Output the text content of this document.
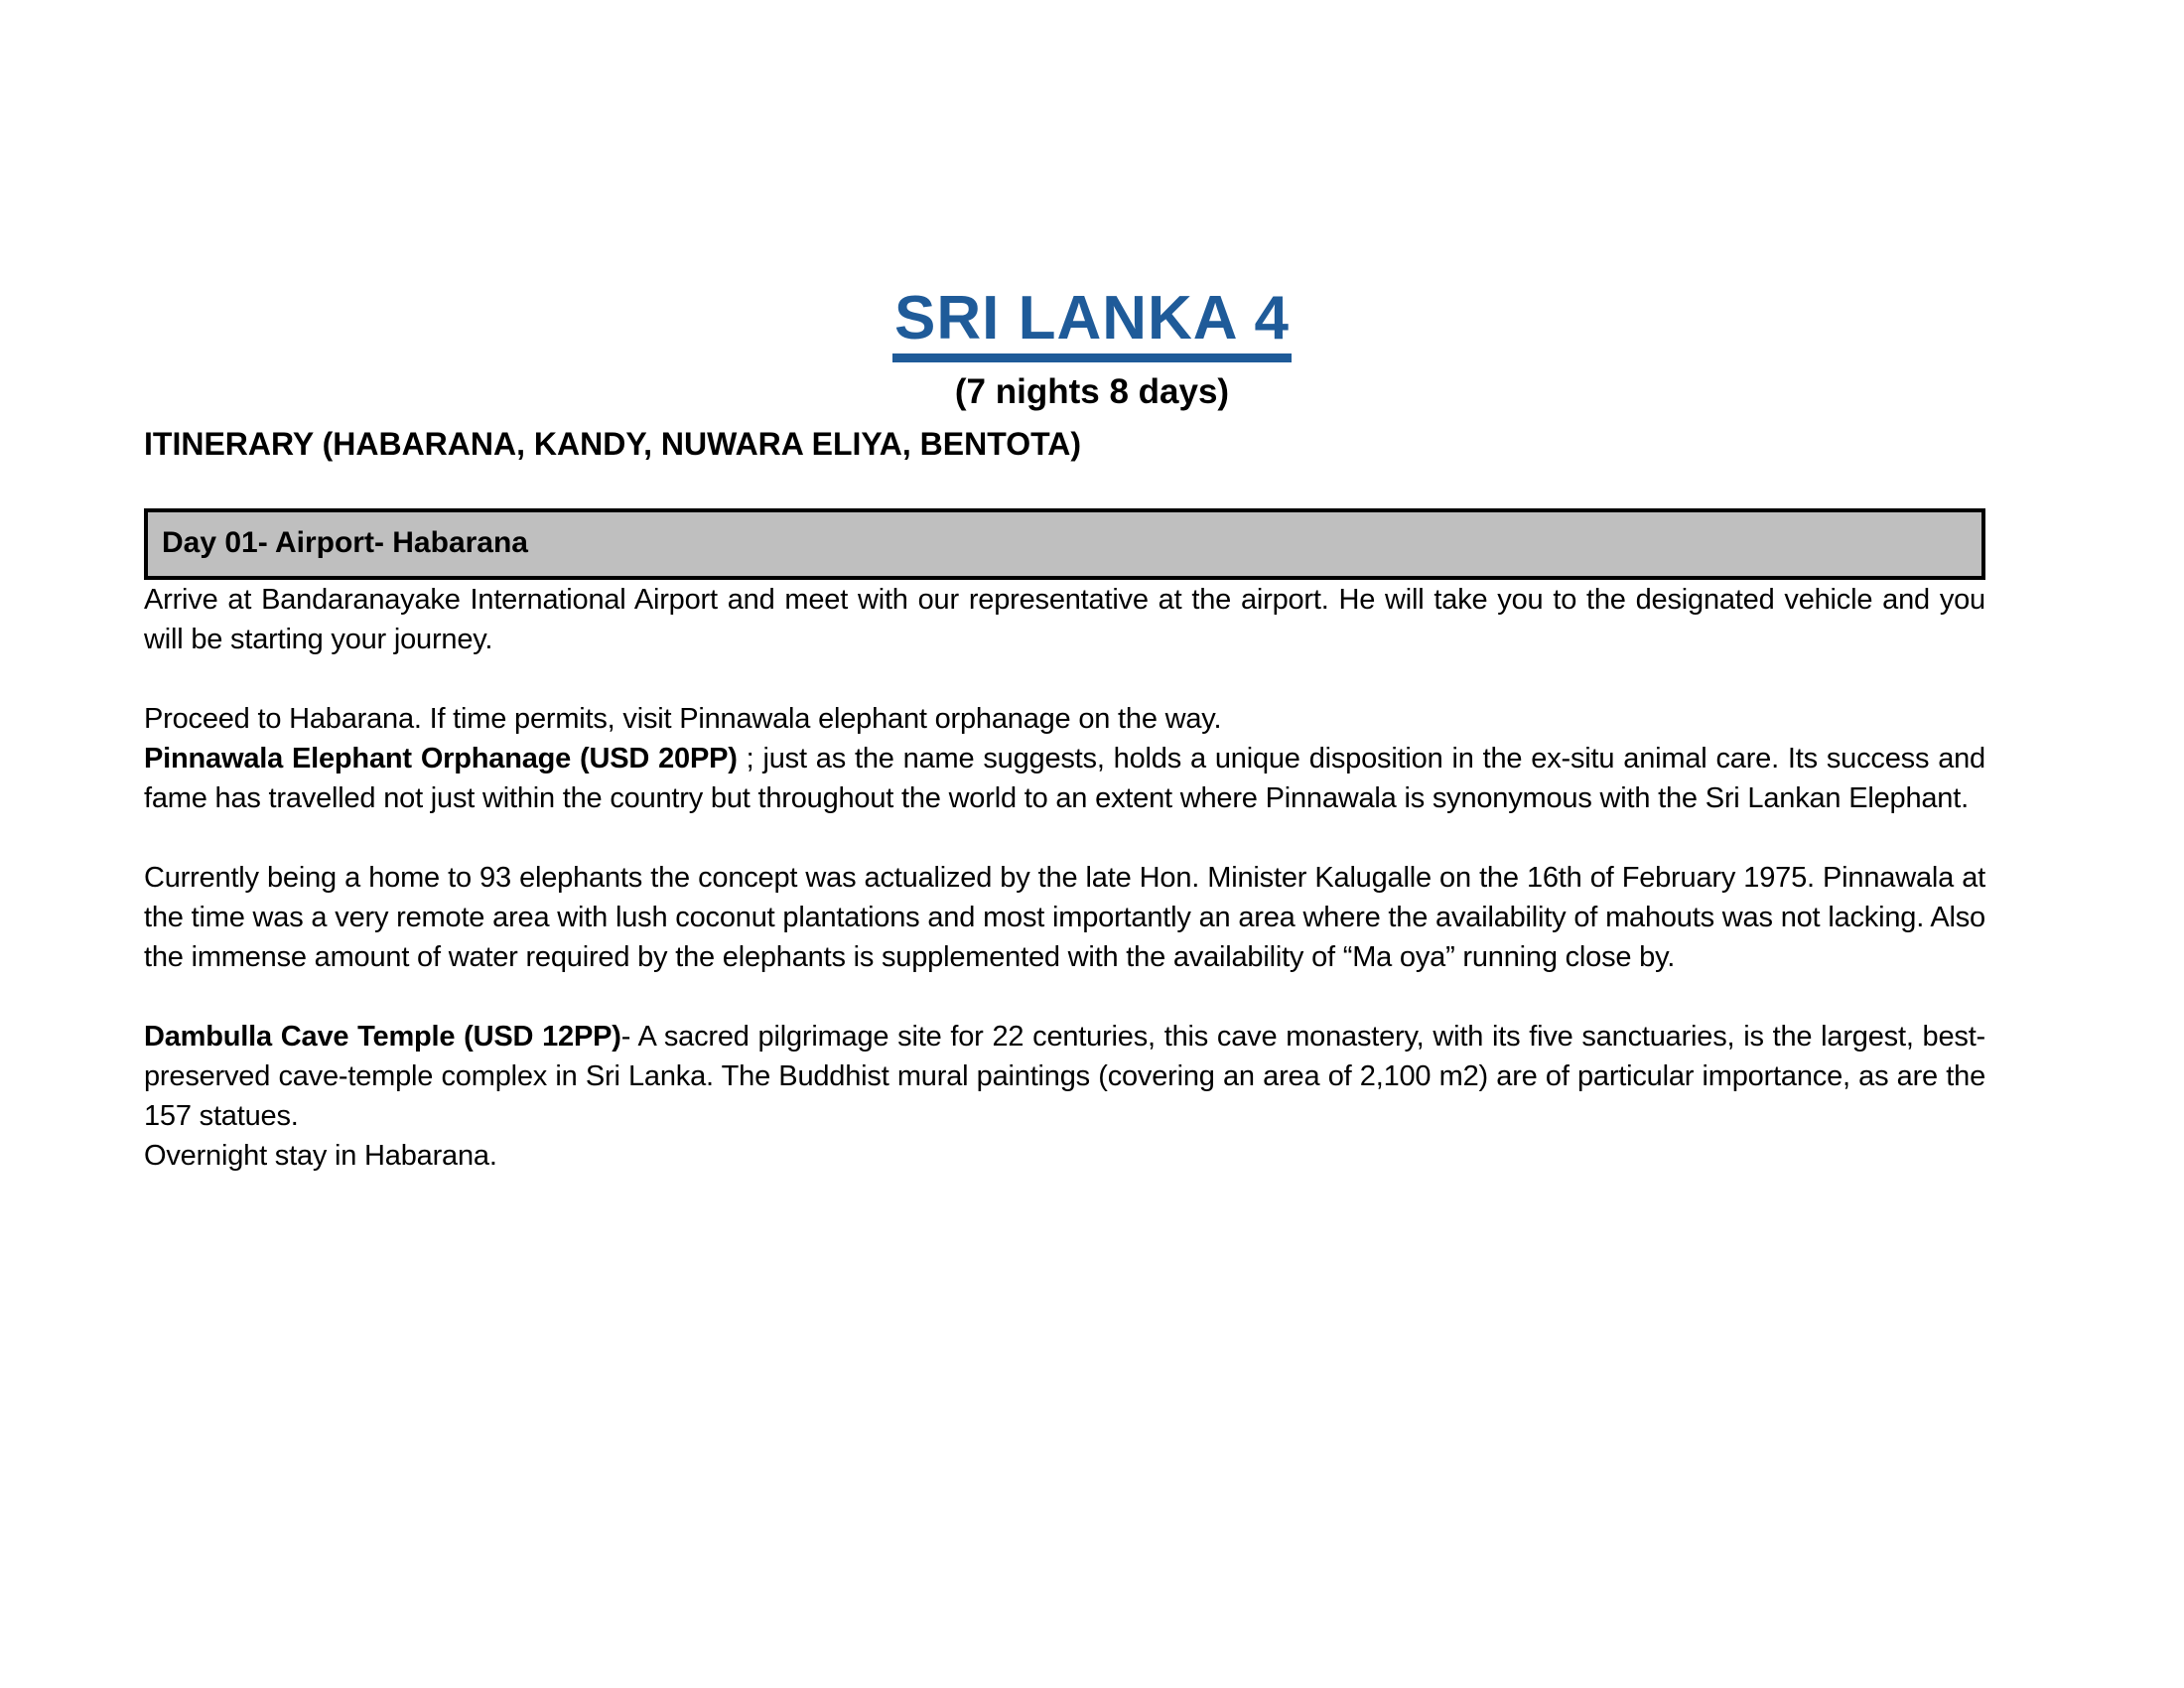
SRI LANKA 4
(7 nights 8 days)
ITINERARY (HABARANA, KANDY, NUWARA ELIYA, BENTOTA)
Day 01- Airport- Habarana

Arrive at Bandaranayake International Airport and meet with our representative at the airport. He will take you to the designated vehicle and you will be starting your journey.

Proceed to Habarana. If time permits, visit Pinnawala elephant orphanage on the way.

Pinnawala Elephant Orphanage (USD 20PP) ; just as the name suggests, holds a unique disposition in the ex-situ animal care. Its success and fame has travelled not just within the country but throughout the world to an extent where Pinnawala is synonymous with the Sri Lankan Elephant.

Currently being a home to 93 elephants the concept was actualized by the late Hon. Minister Kalugalle on the 16th of February 1975. Pinnawala at the time was a very remote area with lush coconut plantations and most importantly an area where the availability of mahouts was not lacking. Also the immense amount of water required by the elephants is supplemented with the availability of “Ma oya” running close by.

Dambulla Cave Temple (USD 12PP)- A sacred pilgrimage site for 22 centuries, this cave monastery, with its five sanctuaries, is the largest, best-preserved cave-temple complex in Sri Lanka. The Buddhist mural paintings (covering an area of 2,100 m2) are of particular importance, as are the 157 statues.

Overnight stay in Habarana.
